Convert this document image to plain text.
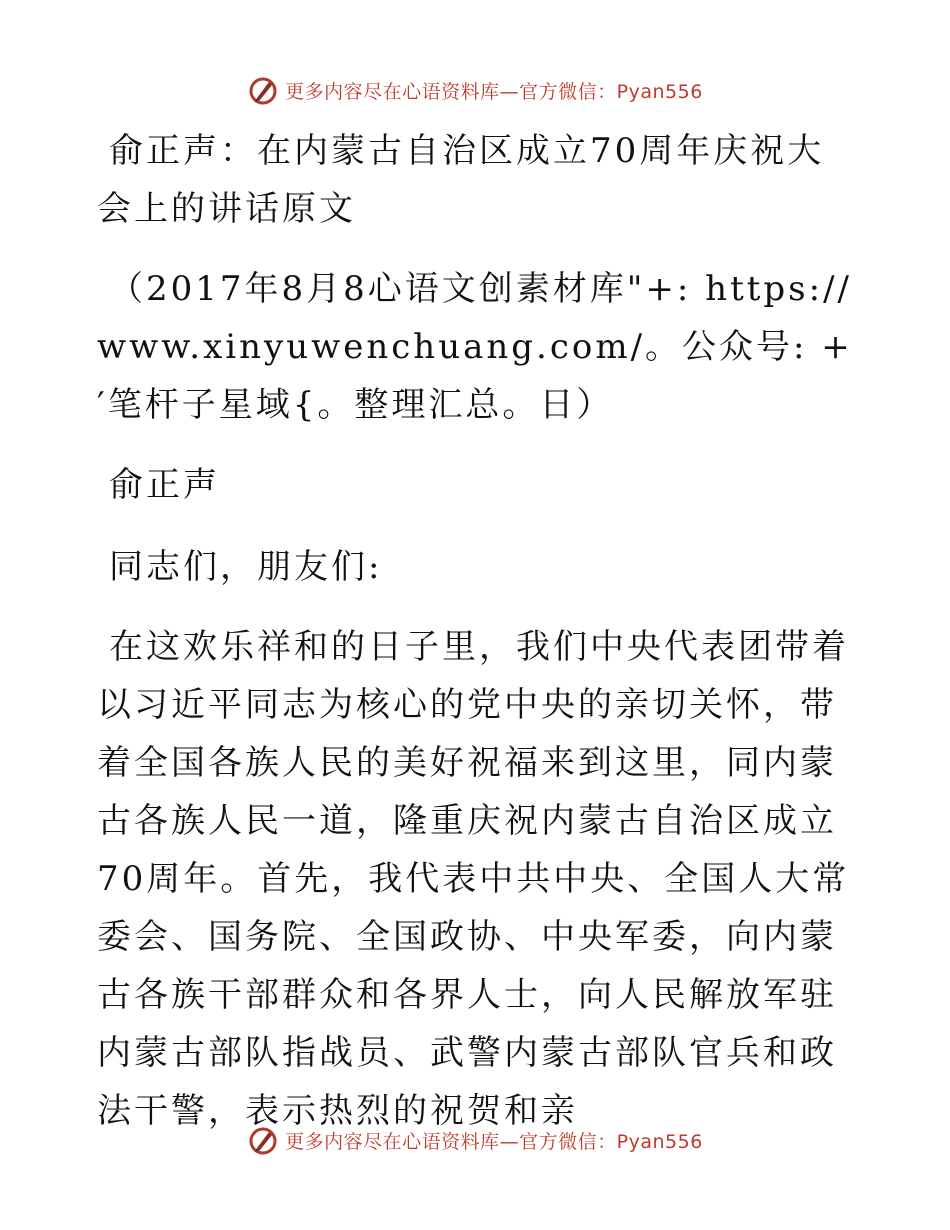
更多内容尽在心语资料库—官方微信：Pyan556

俞正声：在内蒙古自治区成立70周年庆祝大会上的讲话原文

（2017年8月8心语文创素材库"+: https://www.xinyuwenchuang.com/。公众号: +′笔杆子星域{。整理汇总。日）

俞正声

同志们，朋友们:

在这欢乐祥和的日子里，我们中央代表团带着以习近平同志为核心的党中央的亲切关怀，带着全国各族人民的美好祝福来到这里，同内蒙古各族人民一道，隆重庆祝内蒙古自治区成立70周年。首先，我代表中共中央、全国人大常委会、国务院、全国政协、中央军委，向内蒙古各族干部群众和各界人士，向人民解放军驻内蒙古部队指战员、武警内蒙古部队官兵和政法干警，表示热烈的祝贺和亲

更多内容尽在心语资料库—官方微信：Pyan556
